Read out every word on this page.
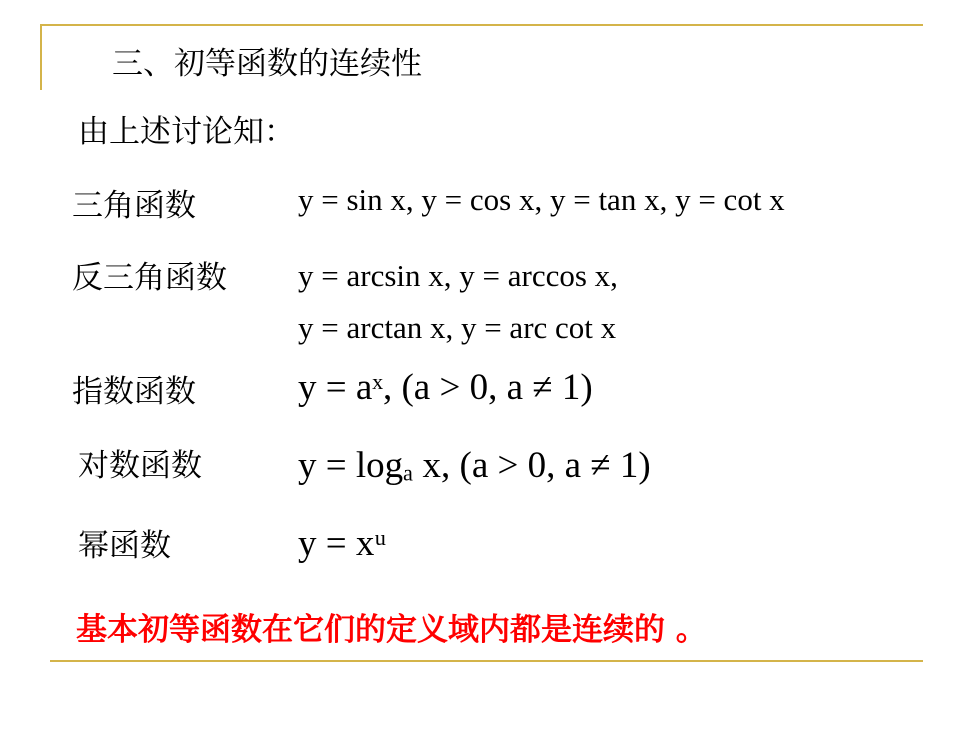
三、初等函数的连续性
由上述讨论知：
三角函数	y = sin x, y = cos x, y = tan x, y = cot x
反三角函数 y = arcsin x, y = arccos x,
y = arctan x, y = arc cot x
指数函数	y = aˣ, (a > 0, a ≠ 1)
对数函数	y = logₐ x, (a > 0, a ≠ 1)
幂函数	y = xᵘ
基本初等函数在它们的定义域内都是连续的 。
